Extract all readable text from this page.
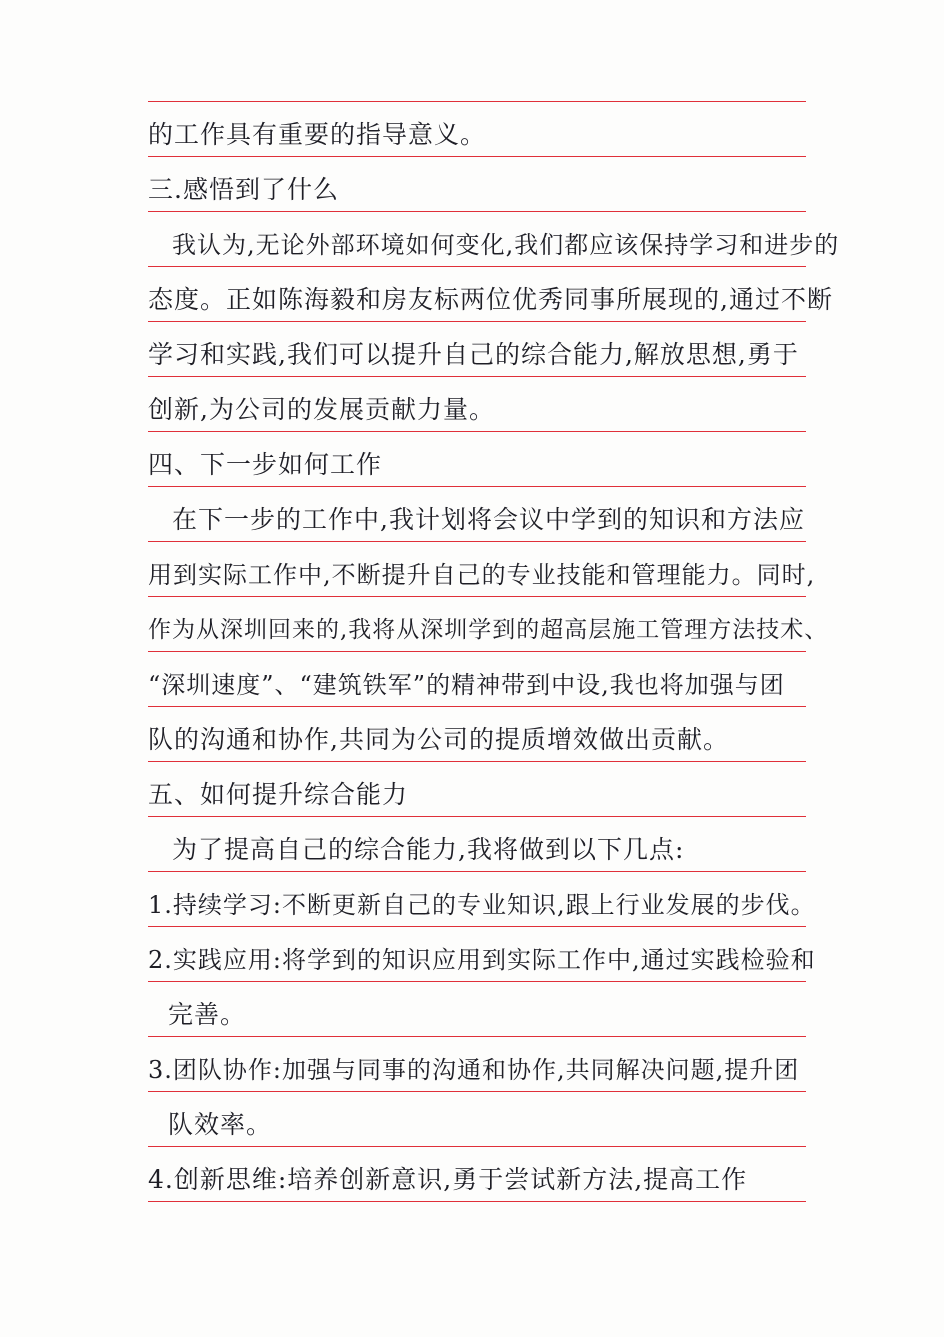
的工作具有重要的指导意义。
三.感悟到了什么
我认为,无论外部环境如何变化,我们都应该保持学习和进步的
态度。正如陈海毅和房友标两位优秀同事所展现的,通过不断
学习和实践,我们可以提升自己的综合能力,解放思想,勇于
创新,为公司的发展贡献力量。
四、下一步如何工作
在下一步的工作中,我计划将会议中学到的知识和方法应
用到实际工作中,不断提升自己的专业技能和管理能力。同时,
作为从深圳回来的,我将从深圳学到的超高层施工管理方法技术、
“深圳速度”、“建筑铁军”的精神带到中设,我也将加强与团
队的沟通和协作,共同为公司的提质增效做出贡献。
五、如何提升综合能力
为了提高自己的综合能力,我将做到以下几点:
1.持续学习:不断更新自己的专业知识,跟上行业发展的步伐。
2.实践应用:将学到的知识应用到实际工作中,通过实践检验和
完善。
3.团队协作:加强与同事的沟通和协作,共同解决问题,提升团
队效率。
4.创新思维:培养创新意识,勇于尝试新方法,提高工作
